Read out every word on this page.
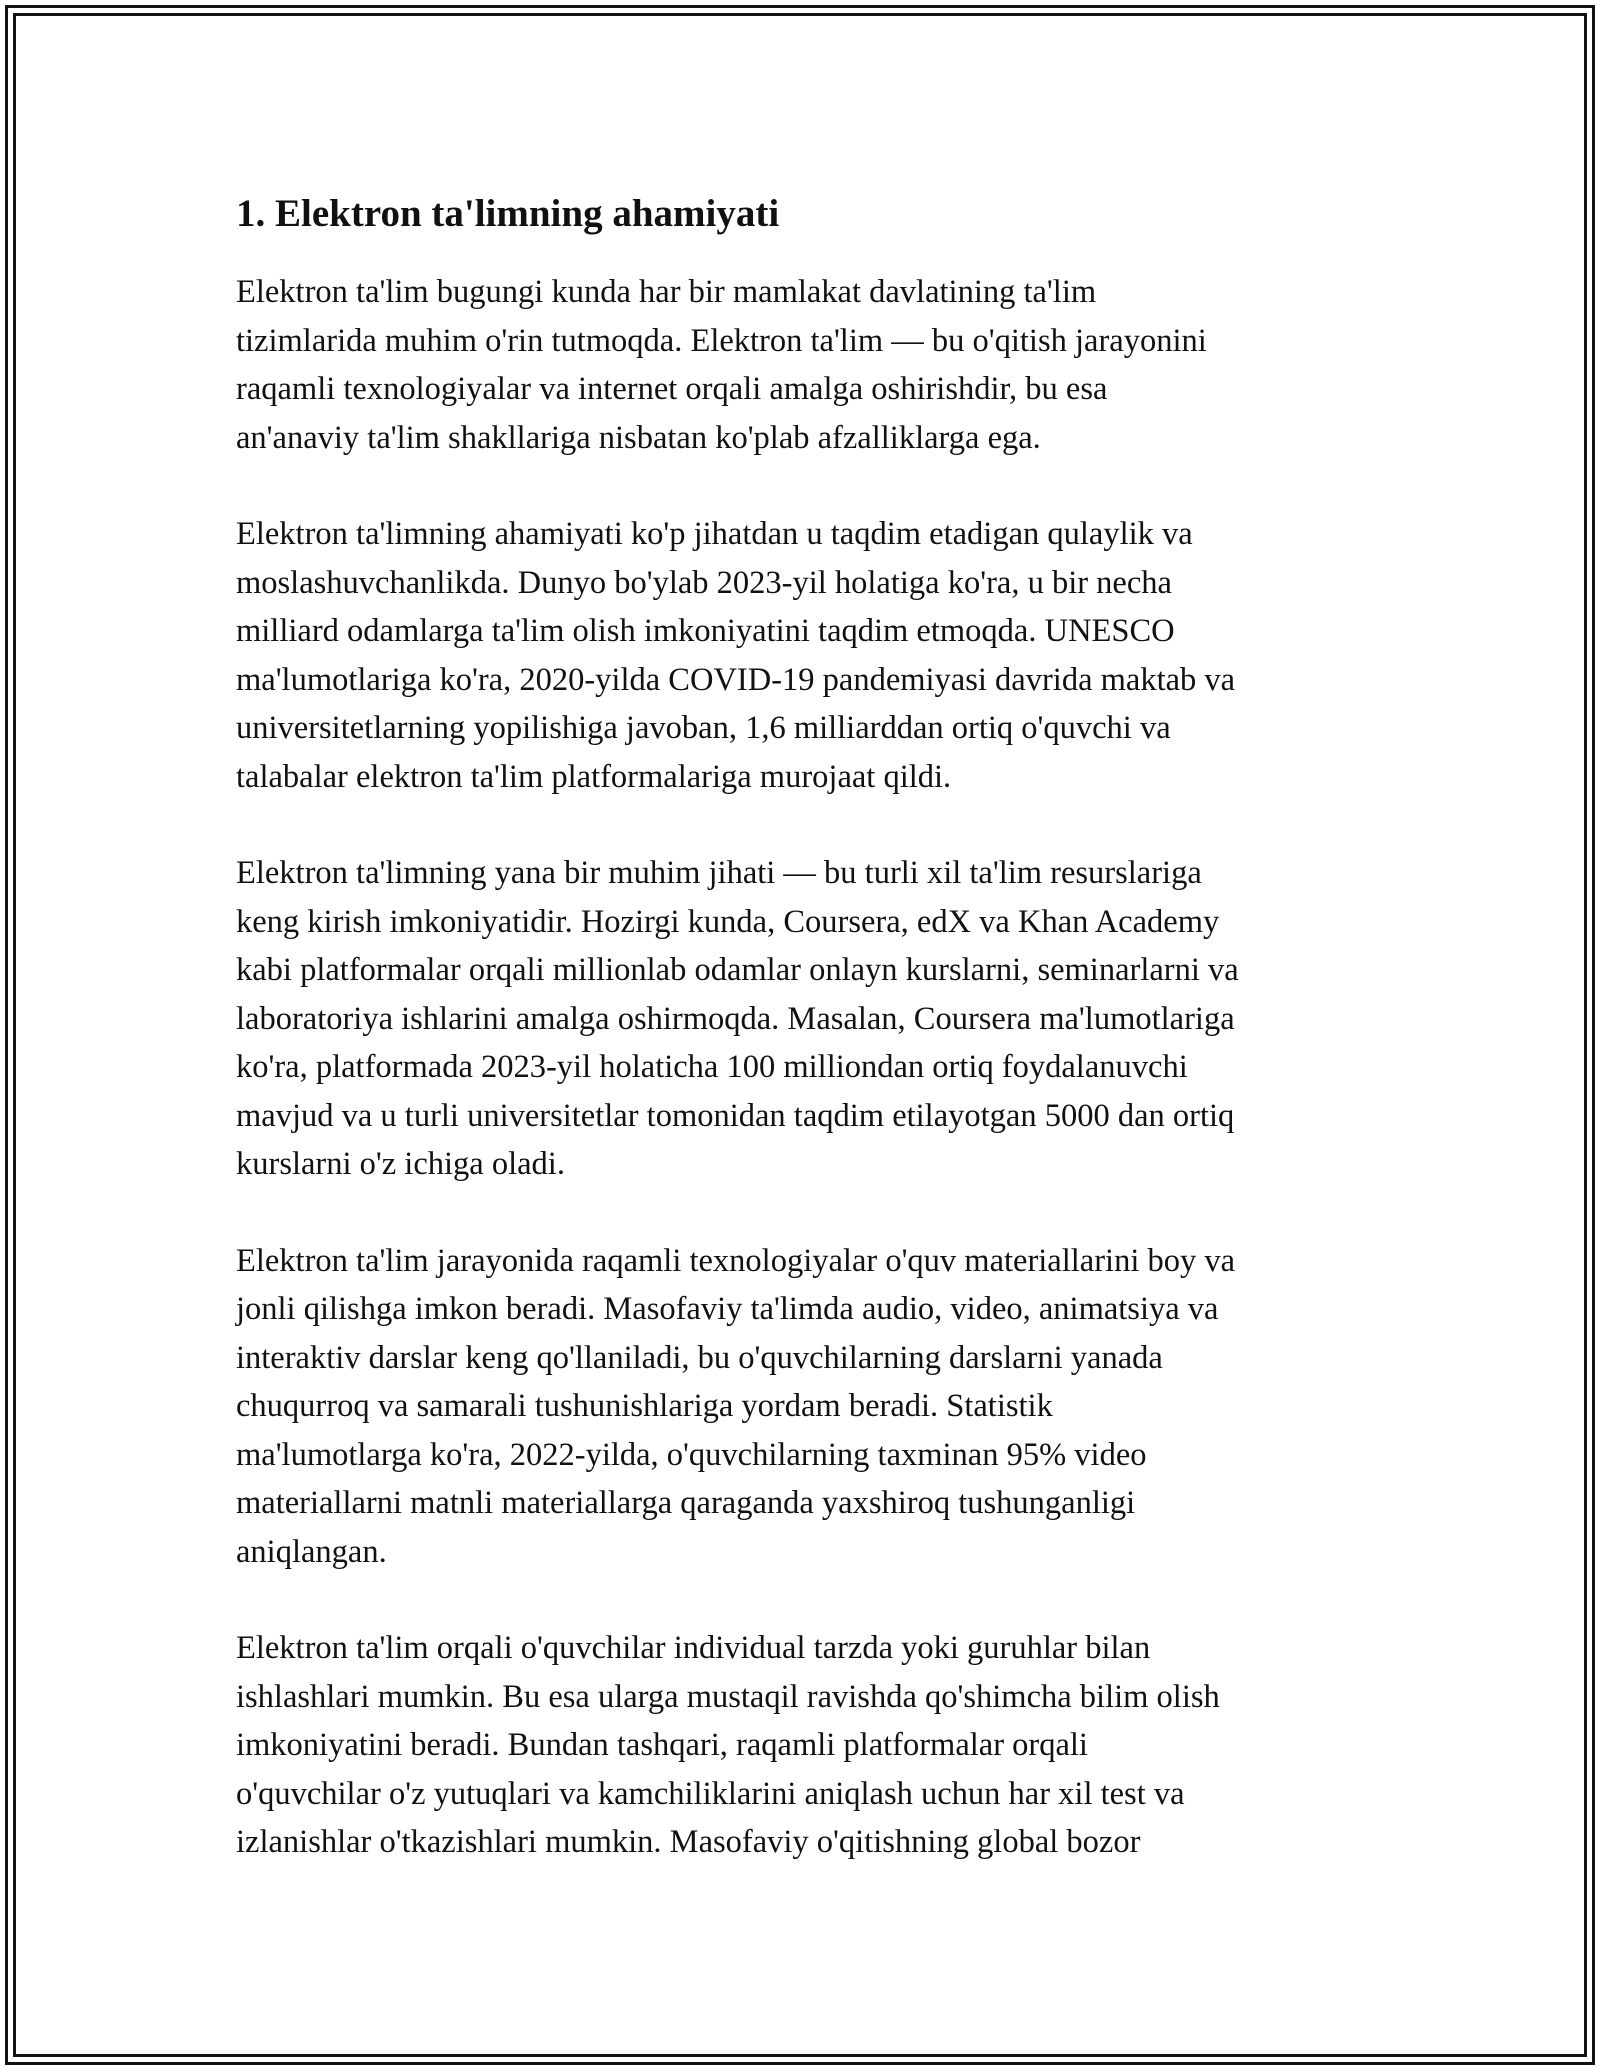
1. Elektron ta'limning ahamiyati

Elektron ta'lim bugungi kunda har bir mamlakat davlatining ta'lim
tizimlarida muhim o'rin tutmoqda. Elektron ta'lim — bu o'qitish jarayonini
raqamli texnologiyalar va internet orqali amalga oshirishdir, bu esa
an'anaviy ta'lim shakllariga nisbatan ko'plab afzalliklarga ega.

Elektron ta'limning ahamiyati ko'p jihatdan u taqdim etadigan qulaylik va
moslashuvchanlikda. Dunyo bo'ylab 2023-yil holatiga ko'ra, u bir necha
milliard odamlarga ta'lim olish imkoniyatini taqdim etmoqda. UNESCO
ma'lumotlariga ko'ra, 2020-yilda COVID-19 pandemiyasi davrida maktab va
universitetlarning yopilishiga javoban, 1,6 milliarddan ortiq o'quvchi va
talabalar elektron ta'lim platformalariga murojaat qildi.

Elektron ta'limning yana bir muhim jihati — bu turli xil ta'lim resurslariga
keng kirish imkoniyatidir. Hozirgi kunda, Coursera, edX va Khan Academy
kabi platformalar orqali millionlab odamlar onlayn kurslarni, seminarlarni va
laboratoriya ishlarini amalga oshirmoqda. Masalan, Coursera ma'lumotlariga
ko'ra, platformada 2023-yil holaticha 100 milliondan ortiq foydalanuvchi
mavjud va u turli universitetlar tomonidan taqdim etilayotgan 5000 dan ortiq
kurslarni o'z ichiga oladi.

Elektron ta'lim jarayonida raqamli texnologiyalar o'quv materiallarini boy va
jonli qilishga imkon beradi. Masofaviy ta'limda audio, video, animatsiya va
interaktiv darslar keng qo'llaniladi, bu o'quvchilarning darslarni yanada
chuqurroq va samarali tushunishlariga yordam beradi. Statistik
ma'lumotlarga ko'ra, 2022-yilda, o'quvchilarning taxminan 95% video
materiallarni matnli materiallarga qaraganda yaxshiroq tushunganligi
aniqlangan.

Elektron ta'lim orqali o'quvchilar individual tarzda yoki guruhlar bilan
ishlashlari mumkin. Bu esa ularga mustaqil ravishda qo'shimcha bilim olish
imkoniyatini beradi. Bundan tashqari, raqamli platformalar orqali
o'quvchilar o'z yutuqlari va kamchiliklarini aniqlash uchun har xil test va
izlanishlar o'tkazishlari mumkin. Masofaviy o'qitishning global bozor
